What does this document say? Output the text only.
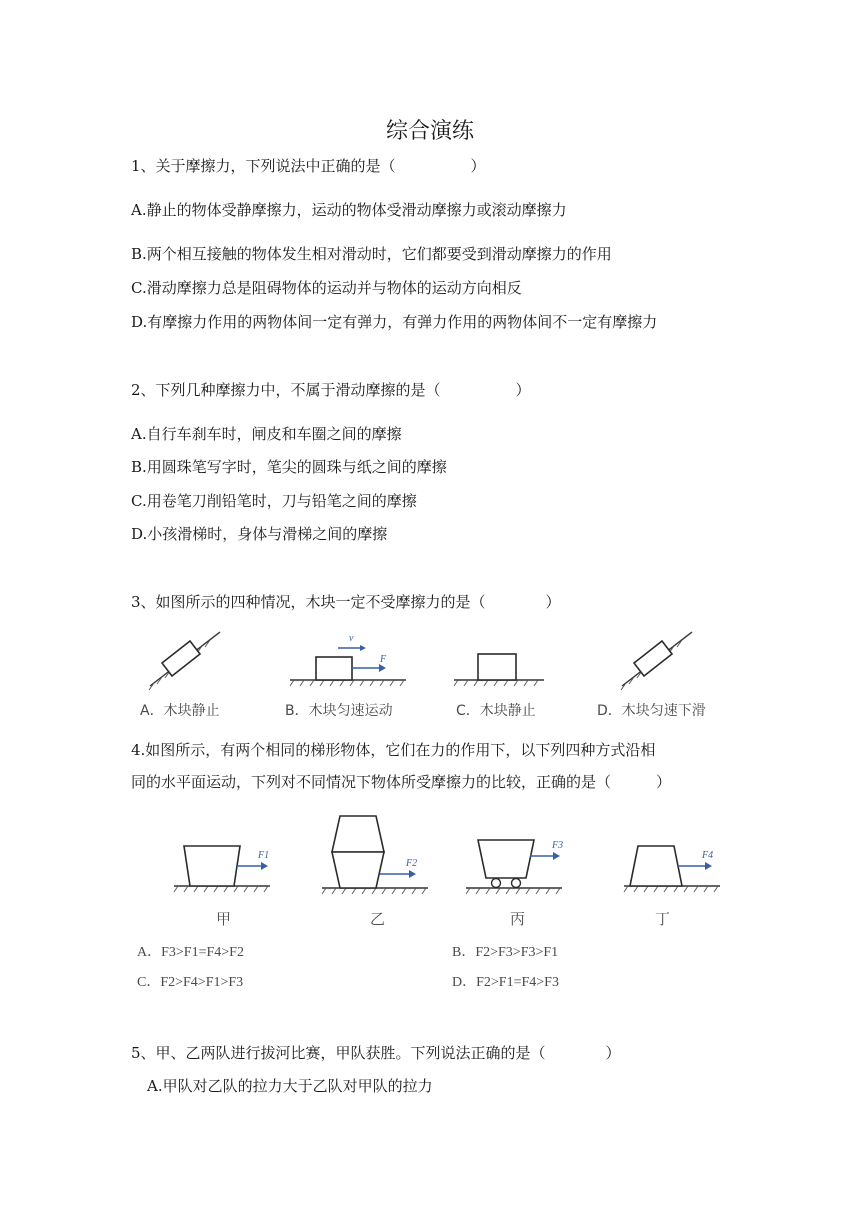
综合演练
1、关于摩擦力，下列说法中正确的是（　　　　　）
A.静止的物体受静摩擦力，运动的物体受滑动摩擦力或滚动摩擦力
B.两个相互接触的物体发生相对滑动时，它们都要受到滑动摩擦力的作用
C.滑动摩擦力总是阻碍物体的运动并与物体的运动方向相反
D.有摩擦力作用的两物体间一定有弹力，有弹力作用的两物体间不一定有摩擦力
2、下列几种摩擦力中，不属于滑动摩擦的是（　　　　　）
A.自行车刹车时，闸皮和车圈之间的摩擦
B.用圆珠笔写字时，笔尖的圆珠与纸之间的摩擦
C.用卷笔刀削铅笔时，刀与铅笔之间的摩擦
D.小孩滑梯时，身体与滑梯之间的摩擦
3、如图所示的四种情况，木块一定不受摩擦力的是（　　　　）
v
F
A．木块静止	B．木块匀速运动	C．木块静止	D．木块匀速下滑
4.如图所示，有两个相同的梯形物体，它们在力的作用下，以下列四种方式沿相
同的水平面运动，下列对不同情况下物体所受摩擦力的比较，正确的是（　　　）
F1
F2
F3
F4
甲	乙	丙	丁
A．F3>F1=F4>F2	B．F2>F3>F3>F1
C．F2>F4>F1>F3	D．F2>F1=F4>F3
5、甲、乙两队进行拔河比赛，甲队获胜。下列说法正确的是（　　　　）
A.甲队对乙队的拉力大于乙队对甲队的拉力
